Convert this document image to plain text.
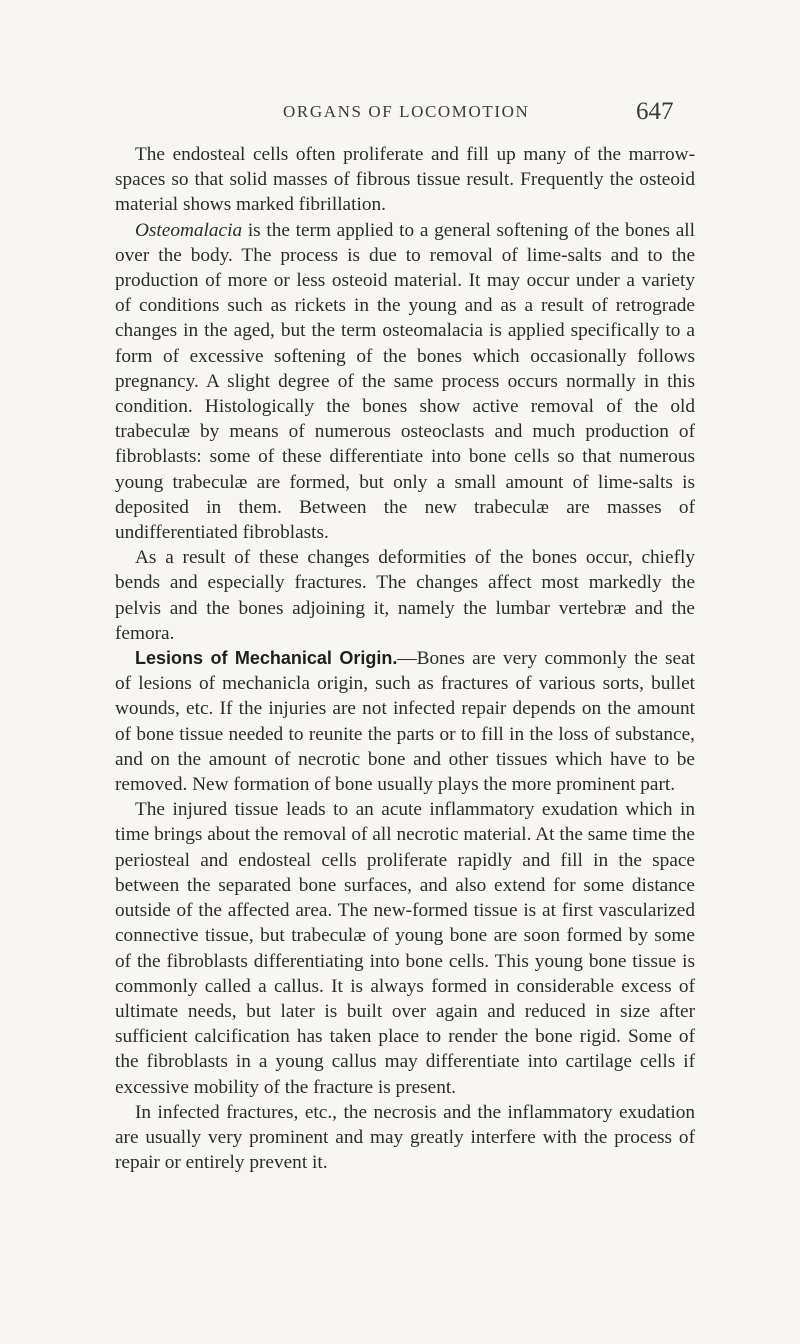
ORGANS OF LOCOMOTION	647

The endosteal cells often proliferate and fill up many of the marrow-spaces so that solid masses of fibrous tissue result. Frequently the osteoid material shows marked fibrillation.

Osteomalacia is the term applied to a general softening of the bones all over the body. The process is due to removal of lime-salts and to the production of more or less osteoid material. It may occur under a variety of conditions such as rickets in the young and as a result of retrograde changes in the aged, but the term osteomalacia is applied specifically to a form of excessive softening of the bones which occasionally follows pregnancy. A slight degree of the same process occurs normally in this condition. Histologically the bones show active removal of the old trabeculæ by means of numerous osteoclasts and much production of fibroblasts: some of these differentiate into bone cells so that numerous young trabeculæ are formed, but only a small amount of lime-salts is deposited in them. Between the new trabeculæ are masses of undifferentiated fibroblasts.

As a result of these changes deformities of the bones occur, chiefly bends and especially fractures. The changes affect most markedly the pelvis and the bones adjoining it, namely the lumbar vertebræ and the femora.

Lesions of Mechanical Origin.—Bones are very commonly the seat of lesions of mechanicla origin, such as fractures of various sorts, bullet wounds, etc. If the injuries are not infected repair depends on the amount of bone tissue needed to reunite the parts or to fill in the loss of substance, and on the amount of necrotic bone and other tissues which have to be removed. New formation of bone usually plays the more prominent part.

The injured tissue leads to an acute inflammatory exudation which in time brings about the removal of all necrotic material. At the same time the periosteal and endosteal cells proliferate rapidly and fill in the space between the separated bone surfaces, and also extend for some distance outside of the affected area. The new-formed tissue is at first vascularized connective tissue, but trabeculæ of young bone are soon formed by some of the fibroblasts differentiating into bone cells. This young bone tissue is commonly called a callus. It is always formed in considerable excess of ultimate needs, but later is built over again and reduced in size after sufficient calcification has taken place to render the bone rigid. Some of the fibroblasts in a young callus may differentiate into cartilage cells if excessive mobility of the fracture is present.

In infected fractures, etc., the necrosis and the inflammatory exudation are usually very prominent and may greatly interfere with the process of repair or entirely prevent it.
